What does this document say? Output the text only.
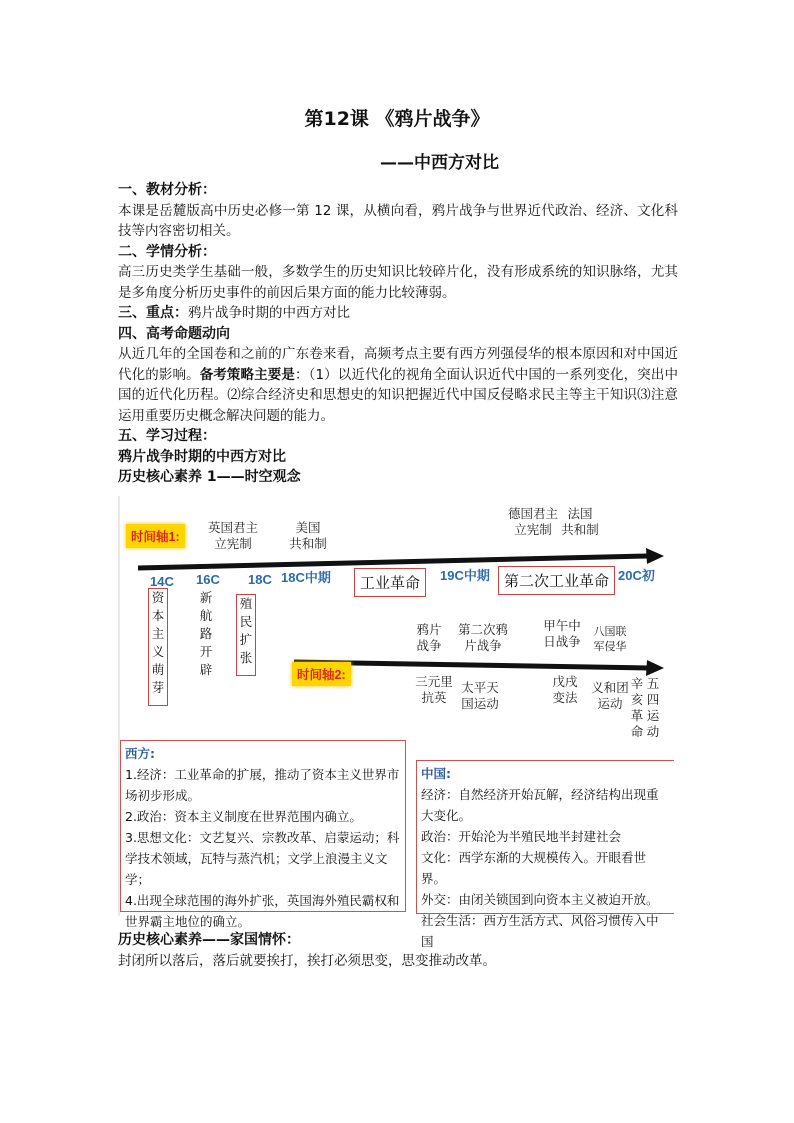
第12课 《鸦片战争》
——中西方对比
一、教材分析：
本课是岳麓版高中历史必修一第 12 课，从横向看，鸦片战争与世界近代政治、经济、文化科技等内容密切相关。
二、学情分析：
高三历史类学生基础一般，多数学生的历史知识比较碎片化，没有形成系统的知识脉络，尤其是多角度分析历史事件的前因后果方面的能力比较薄弱。
三、重点：鸦片战争时期的中西方对比
四、高考命题动向
从近几年的全国卷和之前的广东卷来看，高频考点主要有西方列强侵华的根本原因和对中国近代化的影响。备考策略主要是：（1）以近代化的视角全面认识近代中国的一系列变化，突出中国的近代化历程。⑵综合经济史和思想史的知识把握近代中国反侵略求民主等主干知识⑶注意运用重要历史概念解决问题的能力。
五、学习过程：
鸦片战争时期的中西方对比
历史核心素养 1——时空观念
时间轴1:
英国君主
立宪制
美国
共和制
德国君主
立宪制
法国
共和制
14C 16C 18C 18C中期	工业革命	19C中期 第二次工业革命 20C初
资本主义萌芽
新航路开辟
殖民扩张
鸦片
战争
第二次鸦
片战争
甲午中
日战争
八国联
军侵华
时间轴2:	三元里
抗英
太平天
国运动
戊戌
变法
义和团
运动
辛亥革命
五四运动
西方:
1.经济：工业革命的扩展，推动了资本主义世界市场初步形成。
2.政治：资本主义制度在世界范围内确立。
3.思想文化：文艺复兴、宗教改革、启蒙运动；科学技术领域，瓦特与蒸汽机；文学上浪漫主义文学；
4.出现全球范围的海外扩张，英国海外殖民霸权和世界霸主地位的确立。
中国:
经济：自然经济开始瓦解，经济结构出现重大变化。
政治：开始沦为半殖民地半封建社会
文化：西学东渐的大规模传入。开眼看世界。
外交：由闭关锁国到向资本主义被迫开放。
社会生活：西方生活方式、风俗习惯传入中国
历史核心素养——家国情怀：
封闭所以落后，落后就要挨打，挨打必须思变，思变推动改革。
